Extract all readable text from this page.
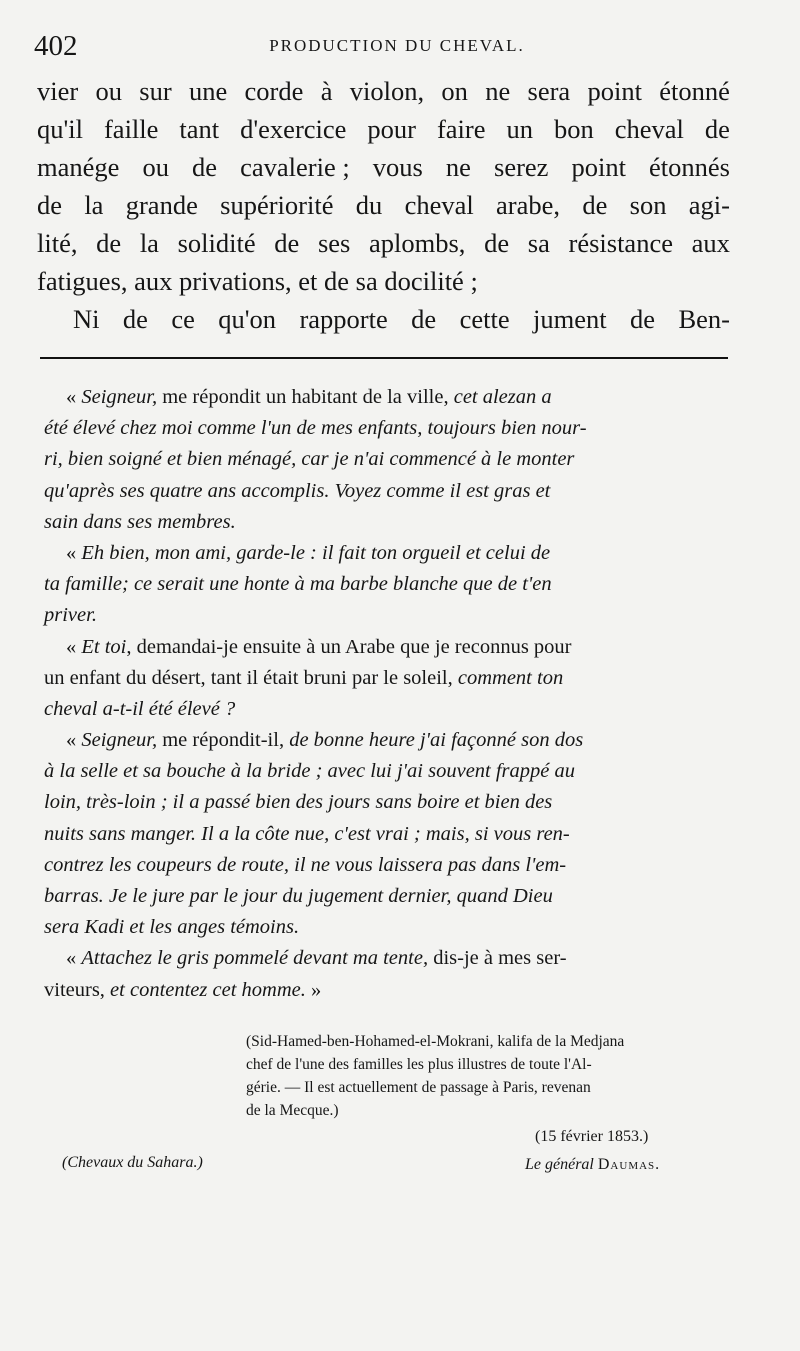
402	PRODUCTION DU CHEVAL.
vier ou sur une corde à violon, on ne sera point étonné
qu'il faille tant d'exercice pour faire un bon cheval de
manége ou de cavalerie ; vous ne serez point étonnés
de la grande supériorité du cheval arabe, de son agi-
lité, de la solidité de ses aplombs, de sa résistance aux
fatigues, aux privations, et de sa docilité ;
Ni de ce qu'on rapporte de cette jument de Ben-
« Seigneur, me répondit un habitant de la ville, cet alezan a
été élevé chez moi comme l'un de mes enfants, toujours bien nour-
ri, bien soigné et bien ménagé, car je n'ai commencé à le monter
qu'après ses quatre ans accomplis. Voyez comme il est gras et
sain dans ses membres.
« Eh bien, mon ami, garde-le : il fait ton orgueil et celui de
ta famille; ce serait une honte à ma barbe blanche que de t'en
priver.
« Et toi, demandai-je ensuite à un Arabe que je reconnus pour
un enfant du désert, tant il était bruni par le soleil, comment ton
cheval a-t-il été élevé ?
« Seigneur, me répondit-il, de bonne heure j'ai façonné son dos
à la selle et sa bouche à la bride ; avec lui j'ai souvent frappé au
loin, très-loin ; il a passé bien des jours sans boire et bien des
nuits sans manger. Il a la côte nue, c'est vrai ; mais, si vous ren-
contrez les coupeurs de route, il ne vous laissera pas dans l'em-
barras. Je le jure par le jour du jugement dernier, quand Dieu
sera Kadi et les anges témoins.
« Attachez le gris pommelé devant ma tente, dis-je à mes ser-
viteurs, et contentez cet homme. »
(Sid-Hamed-ben-Hohamed-el-Mokrani, kalifa de la Medjana
chef de l'une des familles les plus illustres de toute l'Al-
gérie. — Il est actuellement de passage à Paris, revenan
de la Mecque.)
(15 février 1853.)
(Chevaux du Sahara.)	Le général Daumas.
